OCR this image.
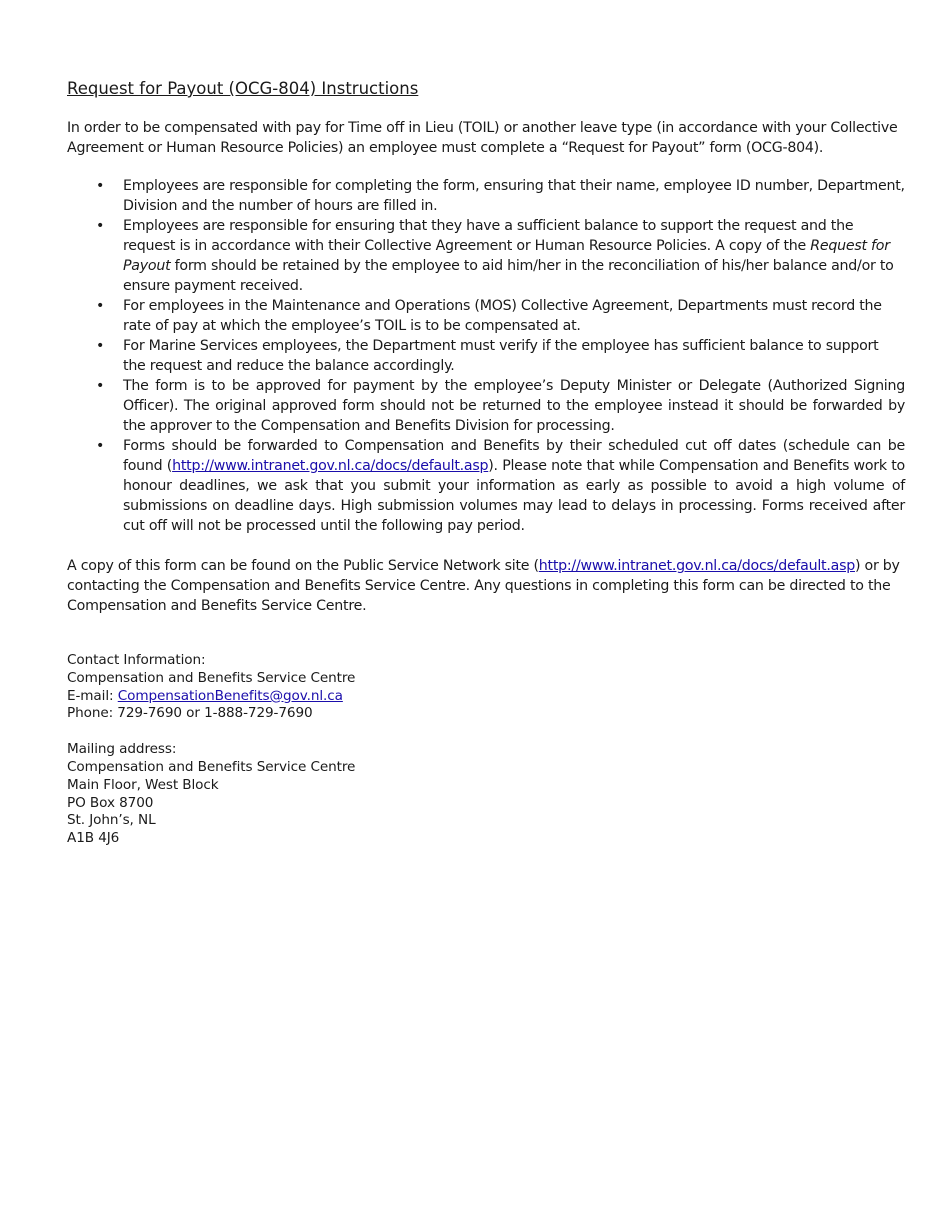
Request for Payout (OCG-804) Instructions

In order to be compensated with pay for Time off in Lieu (TOIL) or another leave type (in accordance with your Collective Agreement or Human Resource Policies) an employee must complete a “Request for Payout” form (OCG-804).

• Employees are responsible for completing the form, ensuring that their name, employee ID number, Department, Division and the number of hours are filled in.
• Employees are responsible for ensuring that they have a sufficient balance to support the request and the request is in accordance with their Collective Agreement or Human Resource Policies. A copy of the Request for Payout form should be retained by the employee to aid him/her in the reconciliation of his/her balance and/or to ensure payment received.
• For employees in the Maintenance and Operations (MOS) Collective Agreement, Departments must record the rate of pay at which the employee’s TOIL is to be compensated at.
• For Marine Services employees, the Department must verify if the employee has sufficient balance to support the request and reduce the balance accordingly.
• The form is to be approved for payment by the employee’s Deputy Minister or Delegate (Authorized Signing Officer). The original approved form should not be returned to the employee instead it should be forwarded by the approver to the Compensation and Benefits Division for processing.
• Forms should be forwarded to Compensation and Benefits by their scheduled cut off dates (schedule can be found (http://www.intranet.gov.nl.ca/docs/default.asp). Please note that while Compensation and Benefits work to honour deadlines, we ask that you submit your information as early as possible to avoid a high volume of submissions on deadline days. High submission volumes may lead to delays in processing. Forms received after cut off will not be processed until the following pay period.

A copy of this form can be found on the Public Service Network site (http://www.intranet.gov.nl.ca/docs/default.asp) or by contacting the Compensation and Benefits Service Centre. Any questions in completing this form can be directed to the Compensation and Benefits Service Centre.

Contact Information:
Compensation and Benefits Service Centre
E-mail: CompensationBenefits@gov.nl.ca
Phone: 729-7690 or 1-888-729-7690
Mailing address:
Compensation and Benefits Service Centre
Main Floor, West Block
PO Box 8700
St. John’s, NL
A1B 4J6
